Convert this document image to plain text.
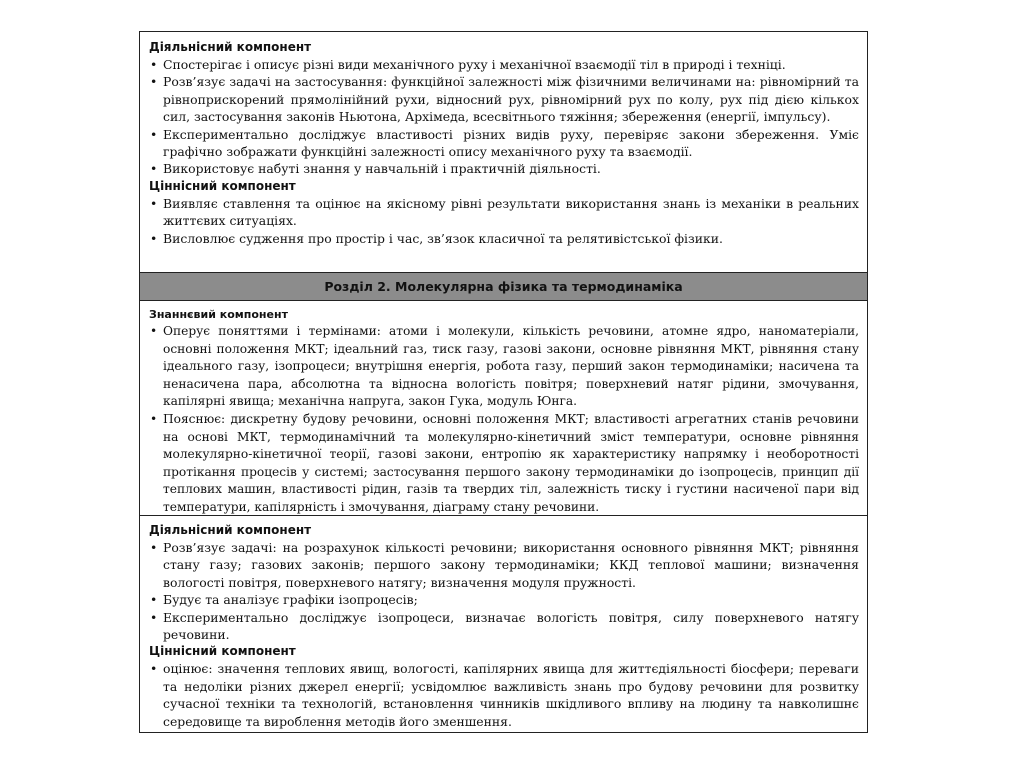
Діяльнісний компонент

• Спостерігає і описує різні види механічного руху і механічної взаємодії тіл в природі і техніці.
• Розв’язує задачі на застосування: функційної залежності між фізичними величинами на: рівномірний та рівноприскорений прямолінійний рухи, відносний рух, рівномірний рух по колу, рух під дією кількох сил, застосування законів Ньютона, Архімеда, всесвітнього тяжіння; збереження (енергії, імпульсу).
• Експериментально досліджує властивості різних видів руху, перевіряє закони збереження. Уміє графічно зображати функційні залежності опису механічного руху та взаємодії.
• Використовує набуті знання у навчальній і практичній діяльності.

Ціннісний компонент

• Виявляє ставлення та оцінює на якісному рівні результати використання знань із механіки в реальних життєвих ситуаціях.
• Висловлює судження про простір і час, зв’язок класичної та релятивістської фізики.
Розділ 2. Молекулярна фізика та термодинаміка

Знаннєвий компонент

• Оперує поняттями і термінами: атоми і молекули, кількість речовини, атомне ядро, наноматеріали, основні положення МКТ; ідеальний газ, тиск газу, газові закони, основне рівняння МКТ, рівняння стану ідеального газу, ізопроцеси; внутрішня енергія, робота газу, перший закон термодинаміки; насичена та ненасичена пара, абсолютна та відносна вологість повітря; поверхневий натяг рідини, змочування, капілярні явища; механічна напруга, закон Гука, модуль Юнга.
• Пояснює: дискретну будову речовини, основні положення МКТ; властивості агрегатних станів речовини на основі МКТ, термодинамічний та молекулярно-кінетичний зміст температури, основне рівняння молекулярно-кінетичної теорії, газові закони, ентропію як характеристику напрямку і необоротності протікання процесів у системі; застосування першого закону термодинаміки до ізопроцесів, принцип дії теплових машин, властивості рідин, газів та твердих тіл, залежність тиску і густини насиченої пари від температури, капілярність і змочування, діаграму стану речовини.

Діяльнісний компонент

• Розв’язує задачі: на розрахунок кількості речовини; використання основного рівняння МКТ; рівняння стану газу; газових законів; першого закону термодинаміки; ККД теплової машини; визначення вологості повітря, поверхневого натягу; визначення модуля пружності.
• Будує та аналізує графіки ізопроцесів;
• Експериментально досліджує ізопроцеси, визначає вологість повітря, силу поверхневого натягу речовини.

Ціннісний компонент

• оцінює: значення теплових явищ, вологості, капілярних явища для життєдіяльності біосфери; переваги та недоліки різних джерел енергії; усвідомлює важливість знань про будову речовини для розвитку сучасної техніки та технологій, встановлення чинників шкідливого впливу на людину та навколишнє середовище та вироблення методів його зменшення.
